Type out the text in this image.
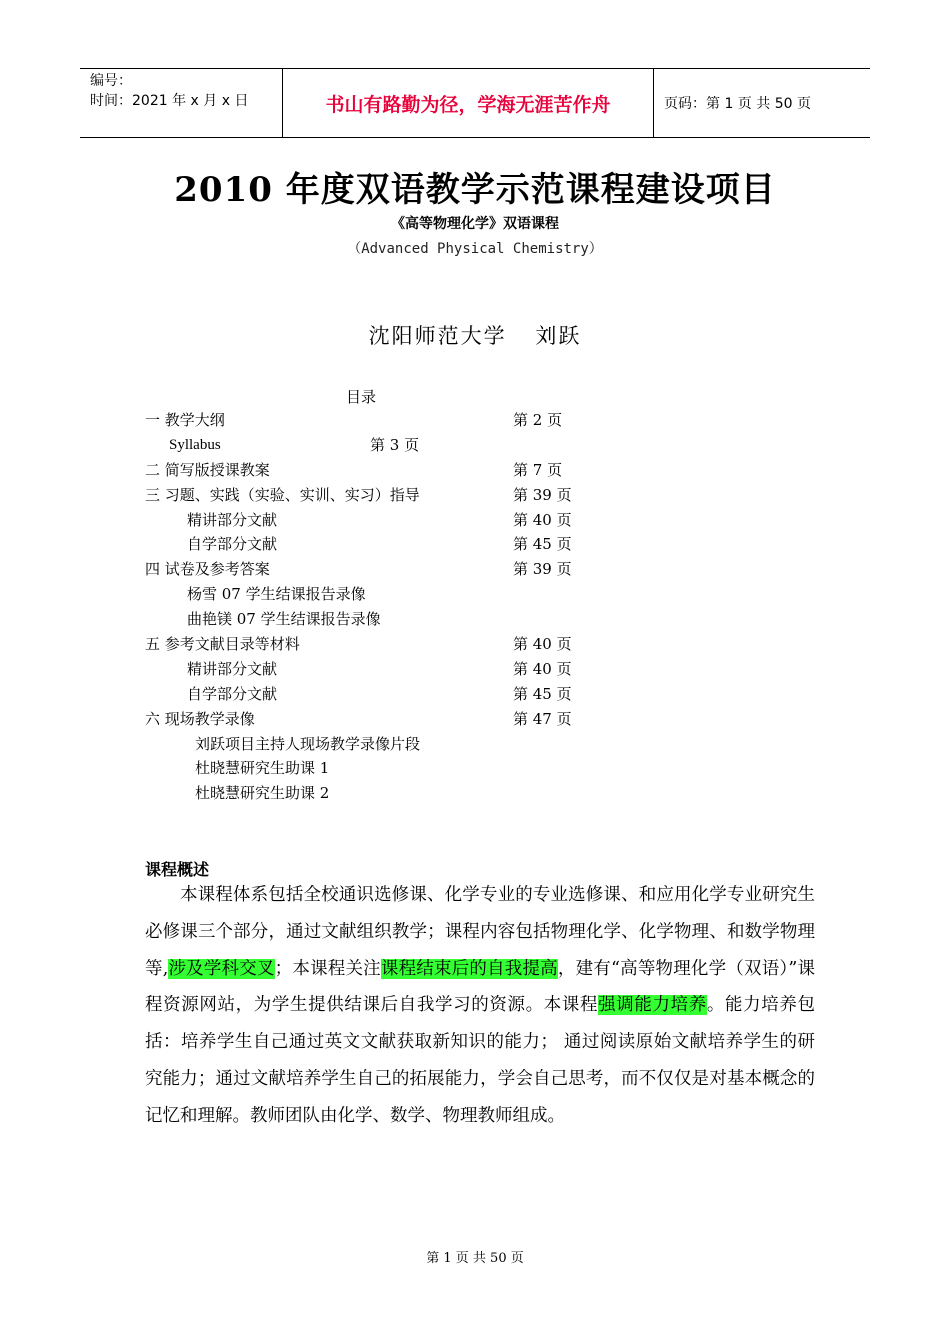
编号：
时间：2021 年 x 月 x 日	书山有路勤为径，学海无涯苦作舟	页码：第 1 页 共 50 页
2010 年度双语教学示范课程建设项目
《高等物理化学》双语课程
（Advanced Physical Chemistry）
沈阳师范大学 刘跃
目录
一 教学大纲	第 2 页
Syllabus	第 3 页
二 简写版授课教案	第 7 页
三 习题、实践（实验、实训、实习）指导	第 39 页
精讲部分文献	第 40 页
自学部分文献	第 45 页
四 试卷及参考答案	第 39 页
杨雪 07 学生结课报告录像
曲艳镁 07 学生结课报告录像
五 参考文献目录等材料	第 40 页
精讲部分文献	第 40 页
自学部分文献	第 45 页
六 现场教学录像	第 47 页
刘跃项目主持人现场教学录像片段
杜晓慧研究生助课 1
杜晓慧研究生助课 2
课程概述
本课程体系包括全校通识选修课、化学专业的专业选修课、和应用化学专业研究生必修课三个部分，通过文献组织教学；课程内容包括物理化学、化学物理、和数学物理等,涉及学科交叉；本课程关注课程结束后的自我提高，建有“高等物理化学（双语）”课程资源网站，为学生提供结课后自我学习的资源。本课程强调能力培养。能力培养包括：培养学生自己通过英文文献获取新知识的能力； 通过阅读原始文献培养学生的研究能力；通过文献培养学生自己的拓展能力，学会自己思考，而不仅仅是对基本概念的记忆和理解。教师团队由化学、数学、物理教师组成。
第 1 页 共 50 页
